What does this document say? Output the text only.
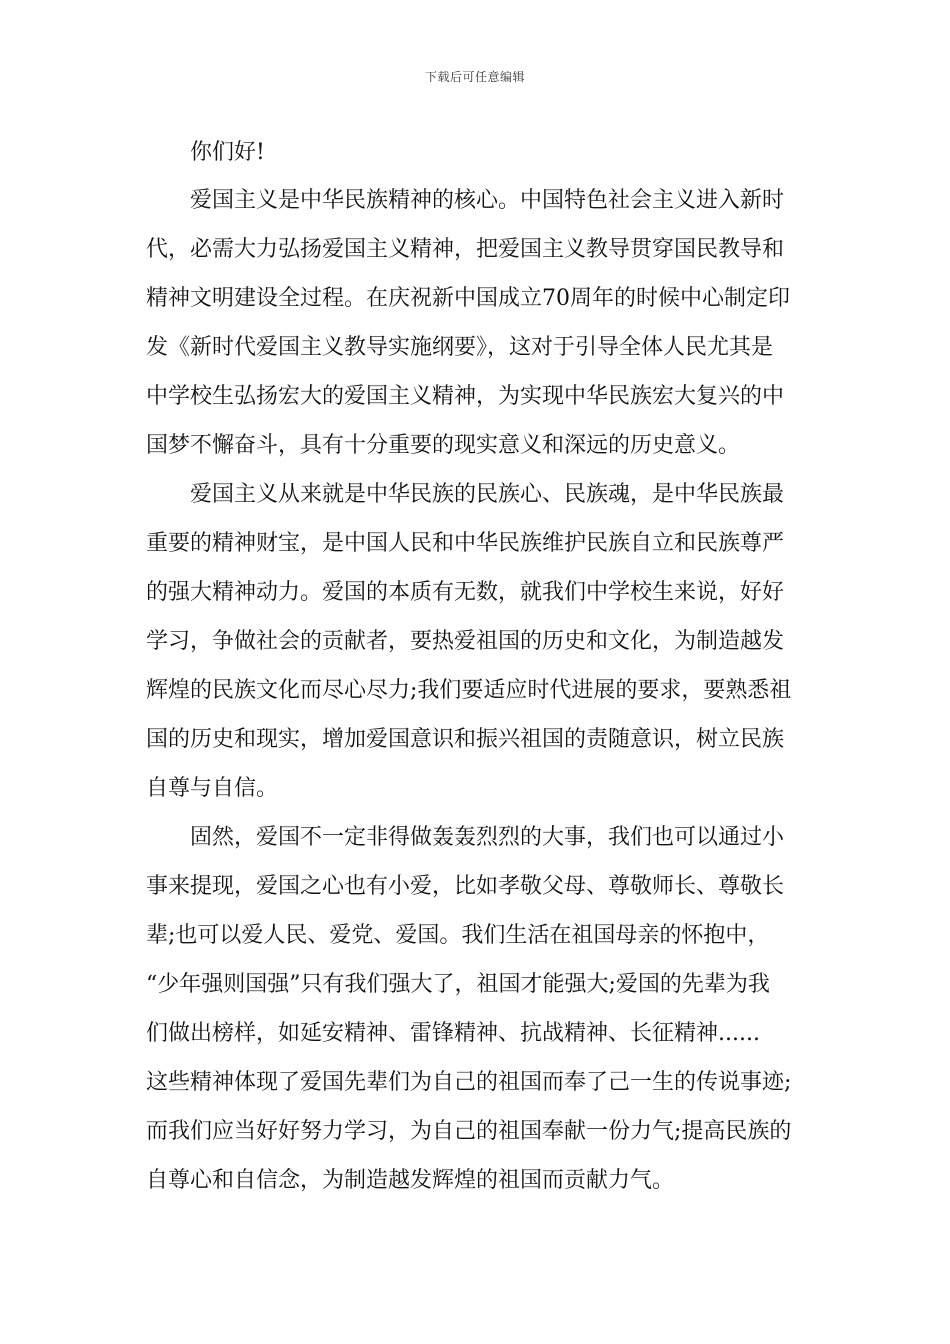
下载后可任意编辑
你们好!
爱国主义是中华民族精神的核心。中国特色社会主义进入新时
代，必需大力弘扬爱国主义精神，把爱国主义教导贯穿国民教导和
精神文明建设全过程。在庆祝新中国成立70周年的时候中心制定印
发《新时代爱国主义教导实施纲要》，这对于引导全体人民尤其是
中学校生弘扬宏大的爱国主义精神，为实现中华民族宏大复兴的中
国梦不懈奋斗，具有十分重要的现实意义和深远的历史意义。
爱国主义从来就是中华民族的民族心、民族魂，是中华民族最
重要的精神财宝，是中国人民和中华民族维护民族自立和民族尊严
的强大精神动力。爱国的本质有无数，就我们中学校生来说，好好
学习，争做社会的贡献者，要热爱祖国的历史和文化，为制造越发
辉煌的民族文化而尽心尽力;我们要适应时代进展的要求，要熟悉祖
国的历史和现实，增加爱国意识和振兴祖国的责随意识，树立民族
自尊与自信。
固然，爱国不一定非得做轰轰烈烈的大事，我们也可以通过小
事来提现，爱国之心也有小爱，比如孝敬父母、尊敬师长、尊敬长
辈;也可以爱人民、爱党、爱国。我们生活在祖国母亲的怀抱中，
“少年强则国强”只有我们强大了，祖国才能强大;爱国的先辈为我
们做出榜样，如延安精神、雷锋精神、抗战精神、长征精神......
这些精神体现了爱国先辈们为自己的祖国而奉了己一生的传说事迹;
而我们应当好好努力学习，为自己的祖国奉献一份力气;提高民族的
自尊心和自信念，为制造越发辉煌的祖国而贡献力气。
